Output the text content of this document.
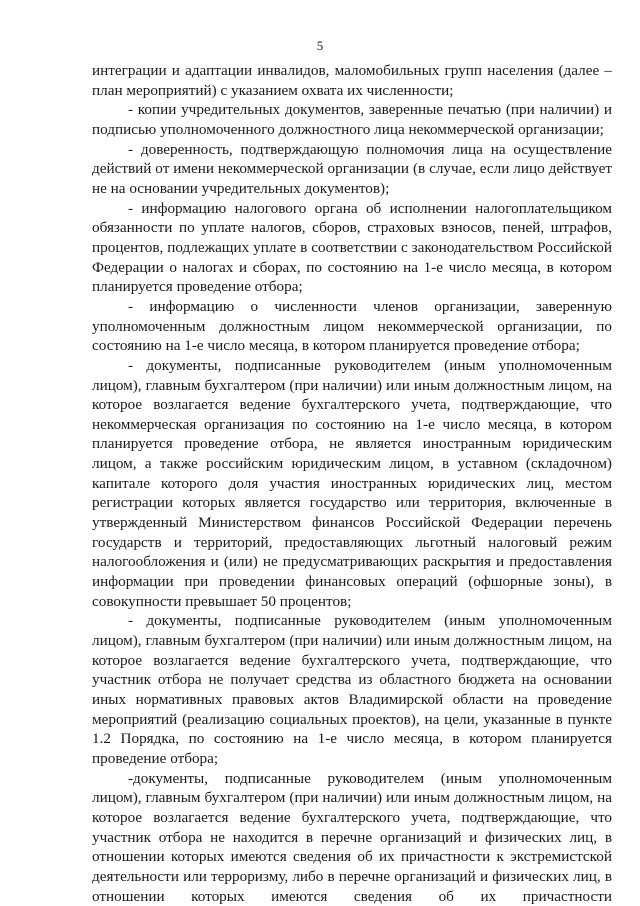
5

интеграции и адаптации инвалидов, маломобильных групп населения (далее – план мероприятий) с указанием охвата их численности;

- копии учредительных документов, заверенные печатью (при наличии) и подписью уполномоченного должностного лица некоммерческой организации;

- доверенность, подтверждающую полномочия лица на осуществление действий от имени некоммерческой организации (в случае, если лицо действует не на основании учредительных документов);

- информацию налогового органа об исполнении налогоплательщиком обязанности по уплате налогов, сборов, страховых взносов, пеней, штрафов, процентов, подлежащих уплате в соответствии с законодательством Российской Федерации о налогах и сборах, по состоянию на 1-е число месяца, в котором планируется проведение отбора;

- информацию о численности членов организации, заверенную уполномоченным должностным лицом некоммерческой организации, по состоянию на 1-е число месяца, в котором планируется проведение отбора;

- документы, подписанные руководителем (иным уполномоченным лицом), главным бухгалтером (при наличии) или иным должностным лицом, на которое возлагается ведение бухгалтерского учета, подтверждающие, что некоммерческая организация по состоянию на 1-е число месяца, в котором планируется проведение отбора, не является иностранным юридическим лицом, а также российским юридическим лицом, в уставном (складочном) капитале которого доля участия иностранных юридических лиц, местом регистрации которых является государство или территория, включенные в утвержденный Министерством финансов Российской Федерации перечень государств и территорий, предоставляющих льготный налоговый режим налогообложения и (или) не предусматривающих раскрытия и предоставления информации при проведении финансовых операций (офшорные зоны), в совокупности превышает 50 процентов;

- документы, подписанные руководителем (иным уполномоченным лицом), главным бухгалтером (при наличии) или иным должностным лицом, на которое возлагается ведение бухгалтерского учета, подтверждающие, что участник отбора не получает средства из областного бюджета на основании иных нормативных правовых актов Владимирской области на проведение мероприятий (реализацию социальных проектов), на цели, указанные в пункте 1.2 Порядка, по состоянию на 1-е число месяца, в котором планируется проведение отбора;

-документы, подписанные руководителем (иным уполномоченным лицом), главным бухгалтером (при наличии) или иным должностным лицом, на которое возлагается ведение бухгалтерского учета, подтверждающие, что участник отбора не находится в перечне организаций и физических лиц, в отношении которых имеются сведения об их причастности к экстремистской деятельности или терроризму, либо в перечне организаций и физических лиц, в отношении которых имеются сведения об их причастности
